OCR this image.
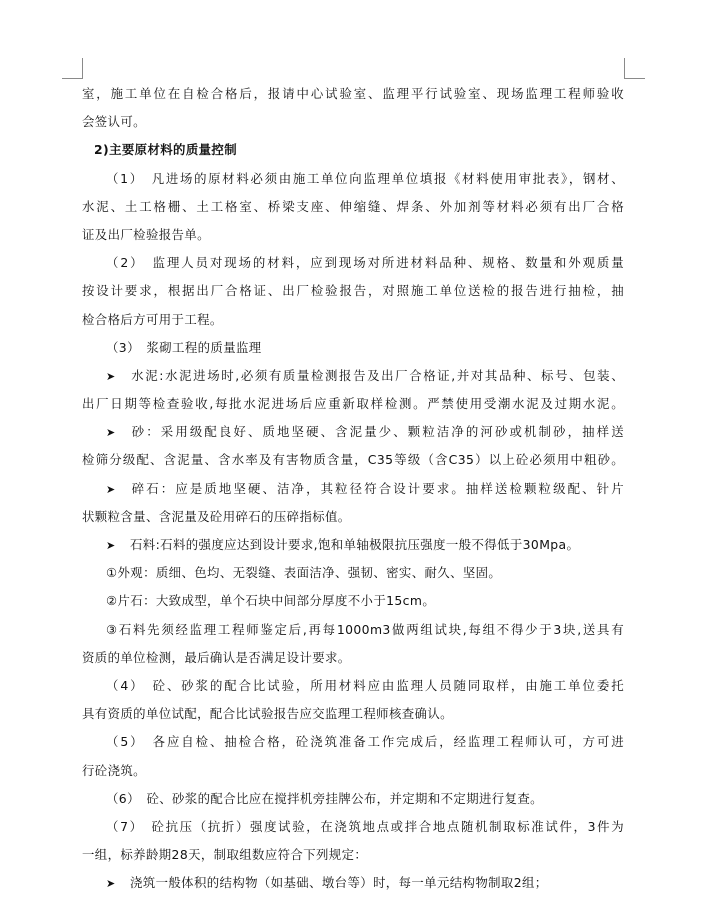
室，施工单位在自检合格后，报请中心试验室、监理平行试验室、现场监理工程师验收
会签认可。
2)主要原材料的质量控制
（1）　凡进场的原材料必须由施工单位向监理单位填报《材料使用审批表》，钢材、
水泥、土工格栅、土工格室、桥梁支座、伸缩缝、焊条、外加剂等材料必须有出厂合格
证及出厂检验报告单。
（2）　监理人员对现场的材料，应到现场对所进材料品种、规格、数量和外观质量
按设计要求，根据出厂合格证、出厂检验报告，对照施工单位送检的报告进行抽检，抽
检合格后方可用于工程。
（3）　浆砌工程的质量监理
➤ 水泥:水泥进场时,必须有质量检测报告及出厂合格证,并对其品种、标号、包装、
出厂日期等检查验收,每批水泥进场后应重新取样检测。严禁使用受潮水泥及过期水泥。
➤ 砂：采用级配良好、质地坚硬、含泥量少、颗粒洁净的河砂或机制砂，抽样送
检筛分级配、含泥量、含水率及有害物质含量，C35等级（含C35）以上砼必须用中粗砂。
➤ 碎石：应是质地坚硬、洁净，其粒径符合设计要求。抽样送检颗粒级配、针片
状颗粒含量、含泥量及砼用碎石的压碎指标值。
➤ 石料:石料的强度应达到设计要求,饱和单轴极限抗压强度一般不得低于30Mpa。
①外观：质细、色均、无裂缝、表面洁净、强韧、密实、耐久、坚固。
②片石：大致成型，单个石块中间部分厚度不小于15cm。
③石料先须经监理工程师鉴定后,再每1000m3做两组试块,每组不得少于3块,送具有
资质的单位检测，最后确认是否满足设计要求。
（4）　砼、砂浆的配合比试验，所用材料应由监理人员随同取样，由施工单位委托
具有资质的单位试配，配合比试验报告应交监理工程师核查确认。
（5）　各应自检、抽检合格，砼浇筑准备工作完成后，经监理工程师认可，方可进
行砼浇筑。
（6）　砼、砂浆的配合比应在搅拌机旁挂牌公布，并定期和不定期进行复查。
（7）　砼抗压（抗折）强度试验，在浇筑地点或拌合地点随机制取标准试件，3件为
一组，标养龄期28天，制取组数应符合下列规定：
➤ 浇筑一般体积的结构物（如基础、墩台等）时，每一单元结构物制取2组；
